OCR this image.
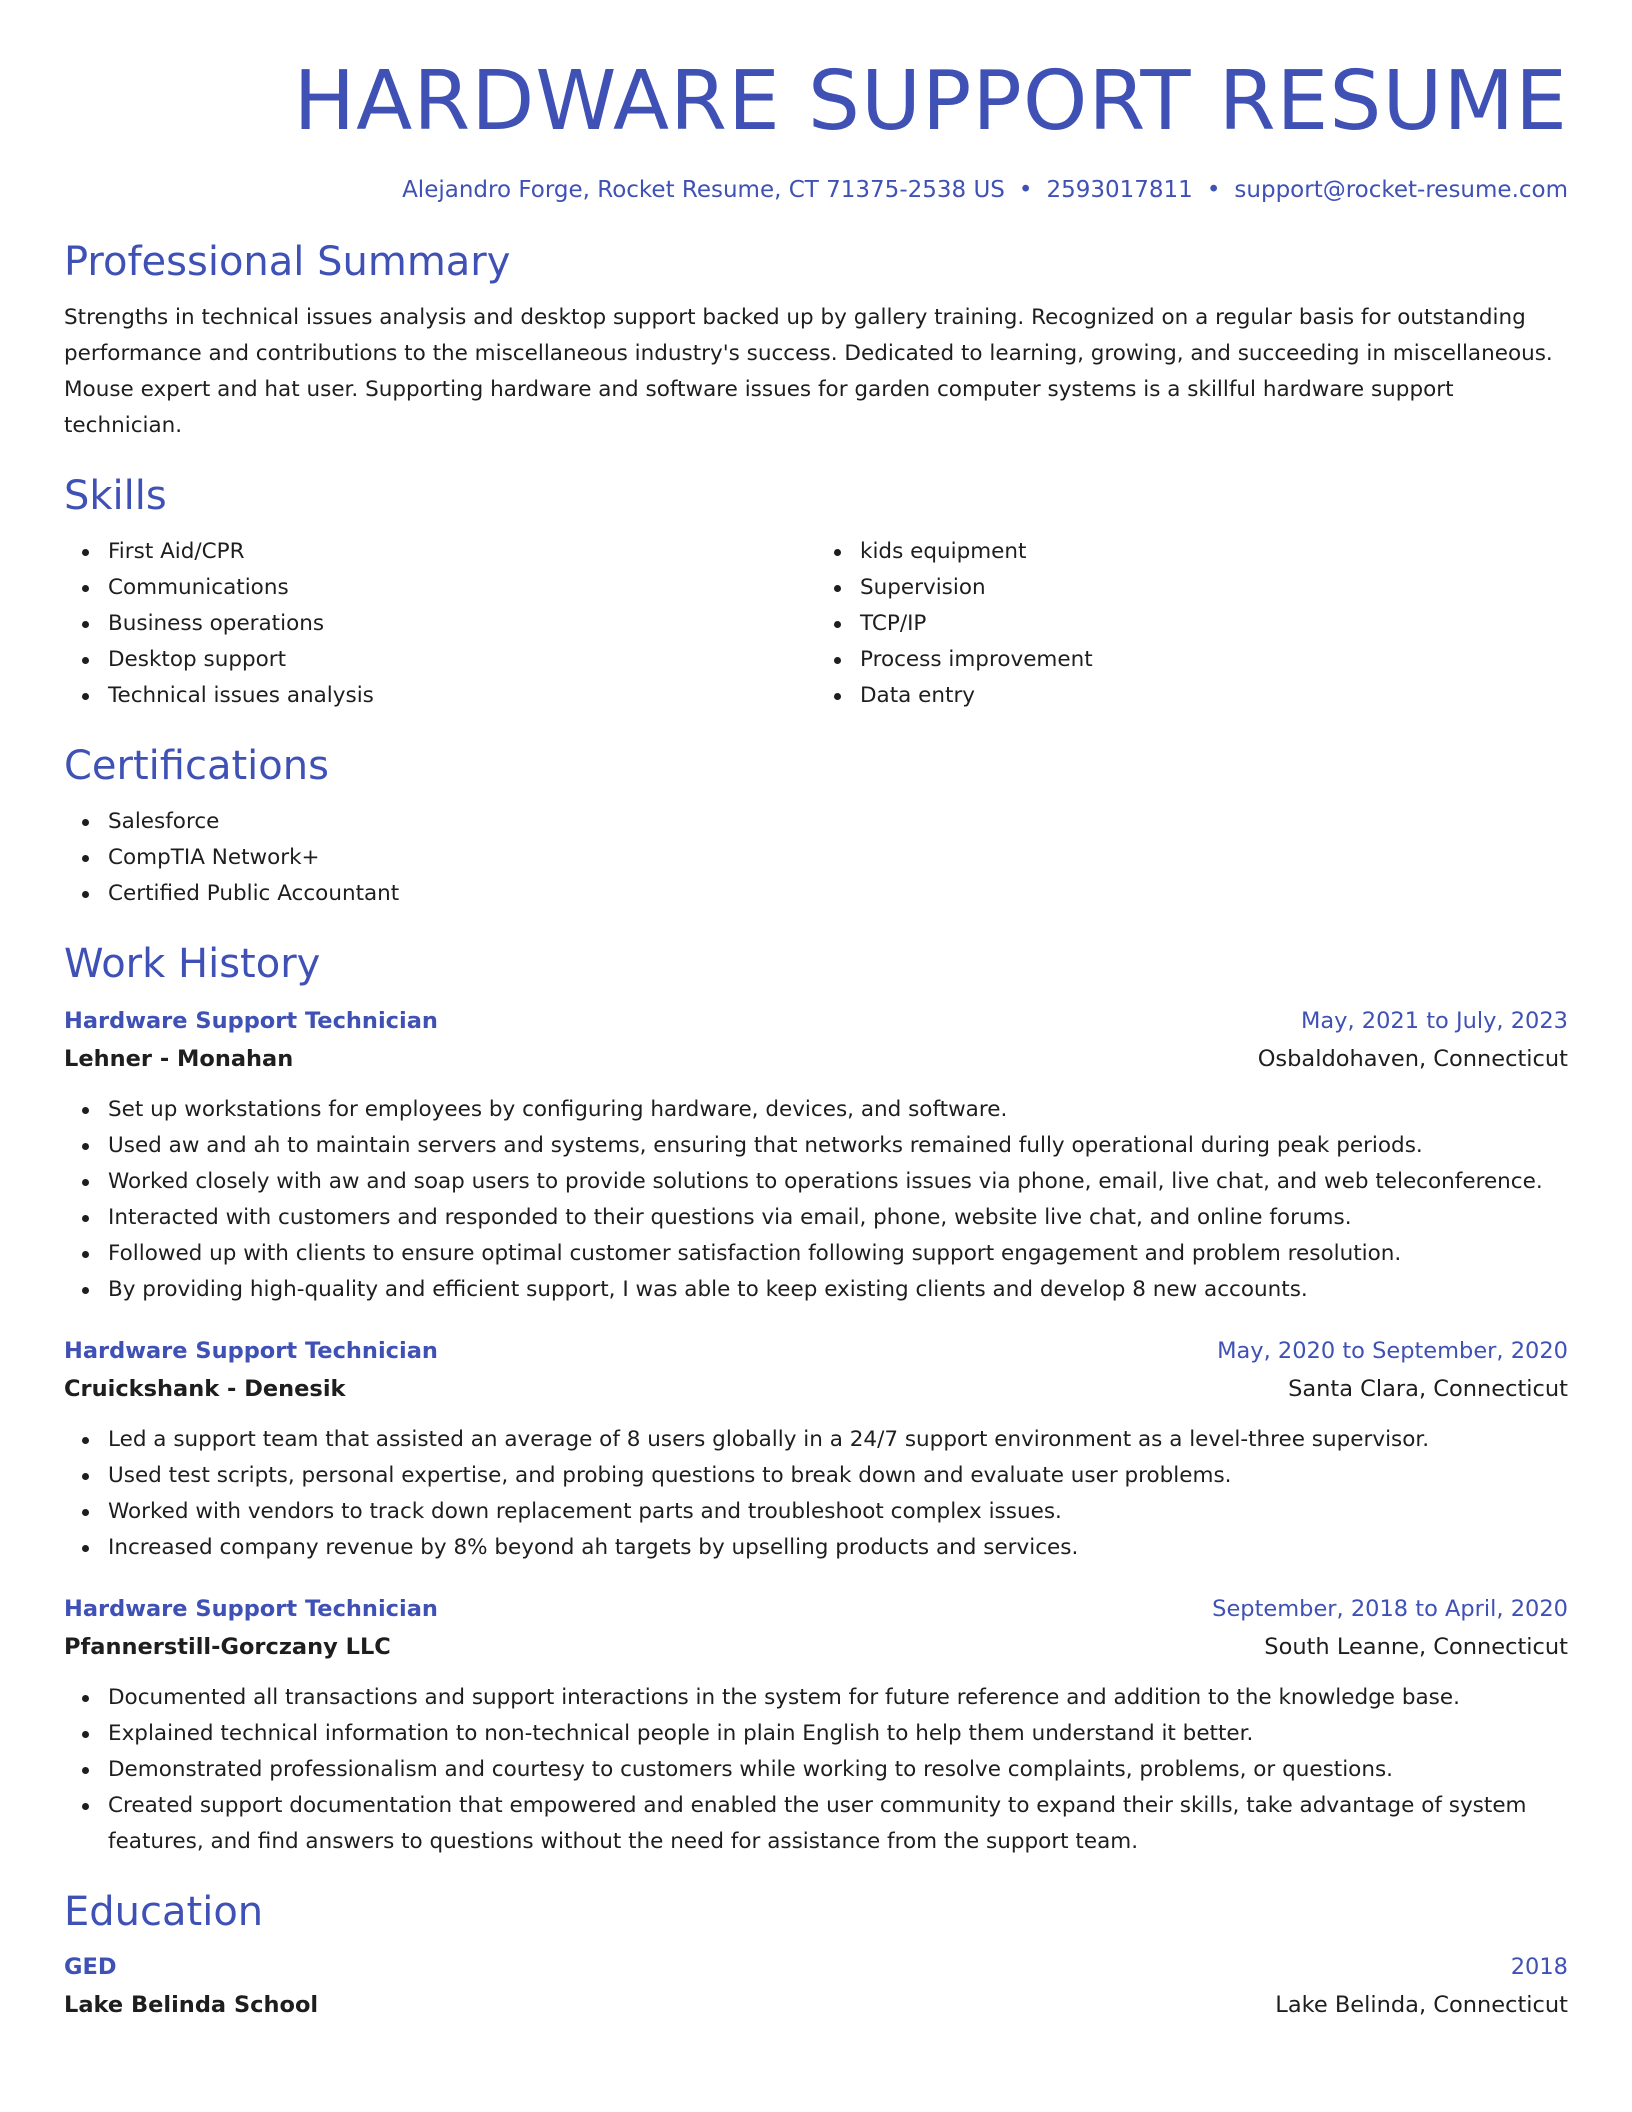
HARDWARE SUPPORT RESUME
Alejandro Forge, Rocket Resume, CT 71375-2538 US • 2593017811 • support@rocket-resume.com
Professional Summary

Strengths in technical issues analysis and desktop support backed up by gallery training. Recognized on a regular basis for outstanding performance and contributions to the miscellaneous industry's success. Dedicated to learning, growing, and succeeding in miscellaneous. Mouse expert and hat user. Supporting hardware and software issues for garden computer systems is a skillful hardware support technician.

Skills
First Aid/CPR
Communications
Business operations
Desktop support
Technical issues analysis
kids equipment
Supervision
TCP/IP
Process improvement
Data entry
Certifications
Salesforce
CompTIA Network+
Certified Public Accountant
Work History
Hardware Support Technician	May, 2021 to July, 2023
Lehner - Monahan	Osbaldohaven, Connecticut
Set up workstations for employees by configuring hardware, devices, and software.
Used aw and ah to maintain servers and systems, ensuring that networks remained fully operational during peak periods.
Worked closely with aw and soap users to provide solutions to operations issues via phone, email, live chat, and web teleconference.
Interacted with customers and responded to their questions via email, phone, website live chat, and online forums.
Followed up with clients to ensure optimal customer satisfaction following support engagement and problem resolution.
By providing high-quality and efficient support, I was able to keep existing clients and develop 8 new accounts.
Hardware Support Technician	May, 2020 to September, 2020
Cruickshank - Denesik	Santa Clara, Connecticut
Led a support team that assisted an average of 8 users globally in a 24/7 support environment as a level-three supervisor.
Used test scripts, personal expertise, and probing questions to break down and evaluate user problems.
Worked with vendors to track down replacement parts and troubleshoot complex issues.
Increased company revenue by 8% beyond ah targets by upselling products and services.
Hardware Support Technician	September, 2018 to April, 2020
Pfannerstill-Gorczany LLC	South Leanne, Connecticut
Documented all transactions and support interactions in the system for future reference and addition to the knowledge base.
Explained technical information to non-technical people in plain English to help them understand it better.
Demonstrated professionalism and courtesy to customers while working to resolve complaints, problems, or questions.
Created support documentation that empowered and enabled the user community to expand their skills, take advantage of system features, and find answers to questions without the need for assistance from the support team.
Education
GED	2018
Lake Belinda School	Lake Belinda, Connecticut
